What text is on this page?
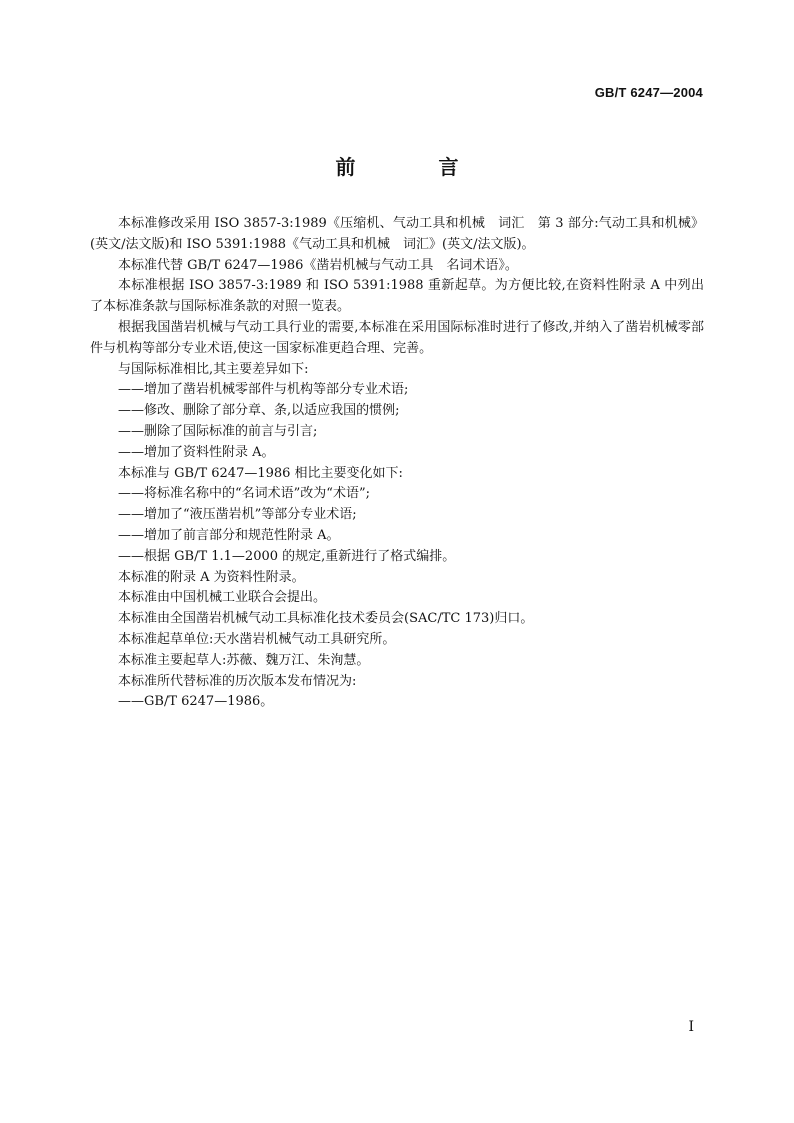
GB/T 6247—2004
前 言

本标准修改采用 ISO 3857-3:1989《压缩机、气动工具和机械　词汇　第 3 部分:气动工具和机械》(英文/法文版)和 ISO 5391:1988《气动工具和机械　词汇》(英文/法文版)。

本标准代替 GB/T 6247—1986《凿岩机械与气动工具　名词术语》。

本标准根据 ISO 3857-3:1989 和 ISO 5391:1988 重新起草。为方便比较,在资料性附录 A 中列出了本标准条款与国际标准条款的对照一览表。

根据我国凿岩机械与气动工具行业的需要,本标准在采用国际标准时进行了修改,并纳入了凿岩机械零部件与机构等部分专业术语,使这一国家标准更趋合理、完善。

与国际标准相比,其主要差异如下:

——增加了凿岩机械零部件与机构等部分专业术语;

——修改、删除了部分章、条,以适应我国的惯例;

——删除了国际标准的前言与引言;

——增加了资料性附录 A。

本标准与 GB/T 6247—1986 相比主要变化如下:

——将标准名称中的“名词术语”改为“术语”;

——增加了“液压凿岩机”等部分专业术语;

——增加了前言部分和规范性附录 A。

——根据 GB/T 1.1—2000 的规定,重新进行了格式编排。

本标准的附录 A 为资料性附录。

本标准由中国机械工业联合会提出。

本标准由全国凿岩机械气动工具标准化技术委员会(SAC/TC 173)归口。

本标准起草单位:天水凿岩机械气动工具研究所。

本标准主要起草人:苏薇、魏万江、朱洵慧。

本标准所代替标准的历次版本发布情况为:

——GB/T 6247—1986。

I
